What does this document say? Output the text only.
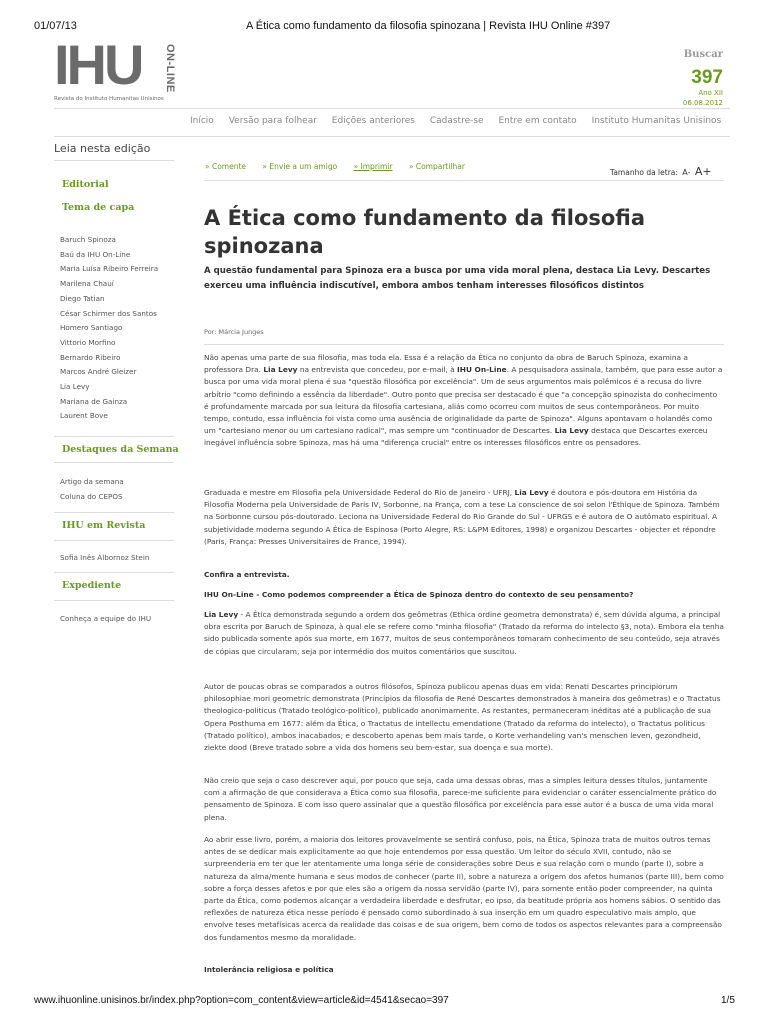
01/07/13	A Ética como fundamento da filosofia spinozana | Revista IHU Online #397
IHU ON-LINE
Revista do Instituto Humanitas Unisinos
Buscar
397
Ano XII
06.08.2012
Início Versão para folhear Edições anteriores Cadastre-se Entre em contato Instituto Humanitas Unisinos
Leia nesta edição
Editorial
Tema de capa
Baruch Spinoza
Baú da IHU On-Line
Maria Luísa Ribeiro Ferreira
Marilena Chauí
Diego Tatian
César Schirmer dos Santos
Homero Santiago
Vittorio Morfino
Bernardo Ribeiro
Marcos André Gleizer
Lia Levy
Mariana de Gainza
Laurent Bove
Destaques da Semana
Artigo da semana
Coluna do CEPOS
IHU em Revista
Sofia Inês Albornoz Stein
Expediente
Conheça a equipe do IHU
» Comente » Envie a um amigo » Imprimir » Compartilhar
Tamanho da letra: A- A+
A Ética como fundamento da filosofia spinozana

A questão fundamental para Spinoza era a busca por uma vida moral plena, destaca Lia Levy. Descartes exerceu uma influência indiscutível, embora ambos tenham interesses filosóficos distintos

Por: Márcia Junges

Não apenas uma parte de sua filosofia, mas toda ela. Essa é a relação da Ética no conjunto da obra de Baruch Spinoza, examina a professora Dra. Lia Levy na entrevista que concedeu, por e-mail, à IHU On-Line. A pesquisadora assinala, também, que para esse autor a busca por uma vida moral plena é sua "questão filosófica por excelência". Um de seus argumentos mais polêmicos é a recusa do livre arbítrio "como definindo a essência da liberdade". Outro ponto que precisa ser destacado é que "a concepção spinozista do conhecimento é profundamente marcada por sua leitura da filosofia cartesiana, aliás como ocorreu com muitos de seus contemporâneos. Por muito tempo, contudo, essa influência foi vista como uma ausência de originalidade da parte de Spinoza". Alguns apontavam o holandês como um "cartesiano menor ou um cartesiano radical", mas sempre um "continuador de Descartes. Lia Levy destaca que Descartes exerceu inegável influência sobre Spinoza, mas há uma "diferença crucial" entre os interesses filosóficos entre os pensadores.

Graduada e mestre em Filosofia pela Universidade Federal do Rio de Janeiro - UFRJ, Lia Levy é doutora e pós-doutora em História da Filosofia Moderna pela Universidade de Paris IV, Sorbonne, na França, com a tese La conscience de soi selon l'Éthique de Spinoza. Também na Sorbonne cursou pós-doutorado. Leciona na Universidade Federal do Rio Grande do Sul - UFRGS e é autora de O autômato espiritual. A subjetividade moderna segundo A Ética de Espinosa (Porto Alegre, RS: L&PM Editores, 1998) e organizou Descartes - objecter et répondre (Paris, França: Presses Universitaires de France, 1994).

Confira a entrevista.

IHU On-Line - Como podemos compreender a Ética de Spinoza dentro do contexto de seu pensamento?

Lia Levy - A Ética demonstrada segundo a ordem dos geômetras (Ethica ordine geometra demonstrata) é, sem dúvida alguma, a principal obra escrita por Baruch de Spinoza, à qual ele se refere como "minha filosofia" (Tratado da reforma do intelecto §3, nota). Embora ela tenha sido publicada somente após sua morte, em 1677, muitos de seus contemporâneos tomaram conhecimento de seu conteúdo, seja através de cópias que circularam, seja por intermédio dos muitos comentários que suscitou.

Autor de poucas obras se comparados a outros filósofos, Spinoza publicou apenas duas em vida: Renati Descartes principiorum philosophiae mori geometric demonstrata (Princípios da filosofia de René Descartes demonstrados à maneira dos geômetras) e o Tractatus theologico-politicus (Tratado teológico-político), publicado anonimamente. As restantes, permaneceram inéditas até a publicação de sua Opera Posthuma em 1677: além da Ética, o Tractatus de intellectu emendatione (Tratado da reforma do intelecto), o Tractatus politicus (Tratado político), ambos inacabados; e descoberto apenas bem mais tarde, o Korte verhandeling van's menschen leven, gezondheid, ziekte dood (Breve tratado sobre a vida dos homens seu bem-estar, sua doença e sua morte).

Não creio que seja o caso descrever aqui, por pouco que seja, cada uma dessas obras, mas a simples leitura desses títulos, juntamente com a afirmação de que considerava a Ética como sua filosofia, parece-me suficiente para evidenciar o caráter essencialmente prático do pensamento de Spinoza. E com isso quero assinalar que a questão filosófica por excelência para esse autor é a busca de uma vida moral plena.

Ao abrir esse livro, porém, a maioria dos leitores provavelmente se sentirá confuso, pois, na Ética, Spinoza trata de muitos outros temas antes de se dedicar mais explicitamente ao que hoje entendemos por essa questão. Um leitor do século XVII, contudo, não se surpreenderia em ter que ler atentamente uma longa série de considerações sobre Deus e sua relação com o mundo (parte I), sobre a natureza da alma/mente humana e seus modos de conhecer (parte II), sobre a natureza a origem dos afetos humanos (parte III), bem como sobre a força desses afetos e por que eles são a origem da nossa servidão (parte IV), para somente então poder compreender, na quinta parte da Ética, como podemos alcançar a verdadeira liberdade e desfrutar, eo ipso, da beatitude própria aos homens sábios. O sentido das reflexões de natureza ética nesse período é pensado como subordinado à sua inserção em um quadro especulativo mais amplo, que envolve teses metafísicas acerca da realidade das coisas e de sua origem, bem como de todos os aspectos relevantes para a compreensão dos fundamentos mesmo da moralidade.

Intolerância religiosa e política
www.ihuonline.unisinos.br/index.php?option=com_content&view=article&id=4541&secao=397	1/5
